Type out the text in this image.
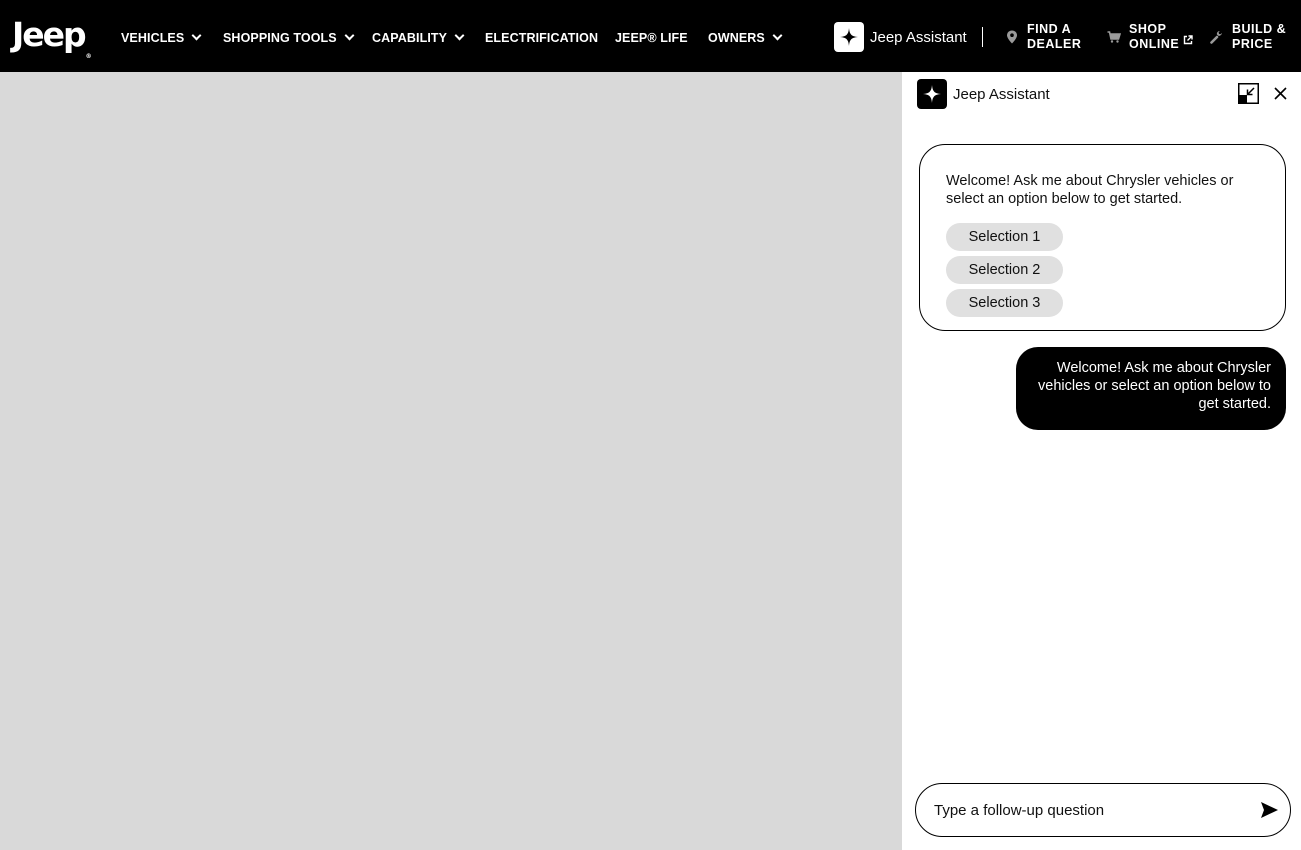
Jeep®
VEHICLES	SHOPPING TOOLS	CAPABILITY	ELECTRIFICATION JEEP® LIFE OWNERS	Jeep Assistant	FIND A
DEALER
SHOP
ONLINE
BUILD &
PRICE
Jeep Assistant
Welcome! Ask me about Chrysler vehicles or select an option below to get started.
Selection 1
Selection 2
Selection 3
Welcome! Ask me about Chrysler vehicles or select an option below to get started.
Type a follow-up question
